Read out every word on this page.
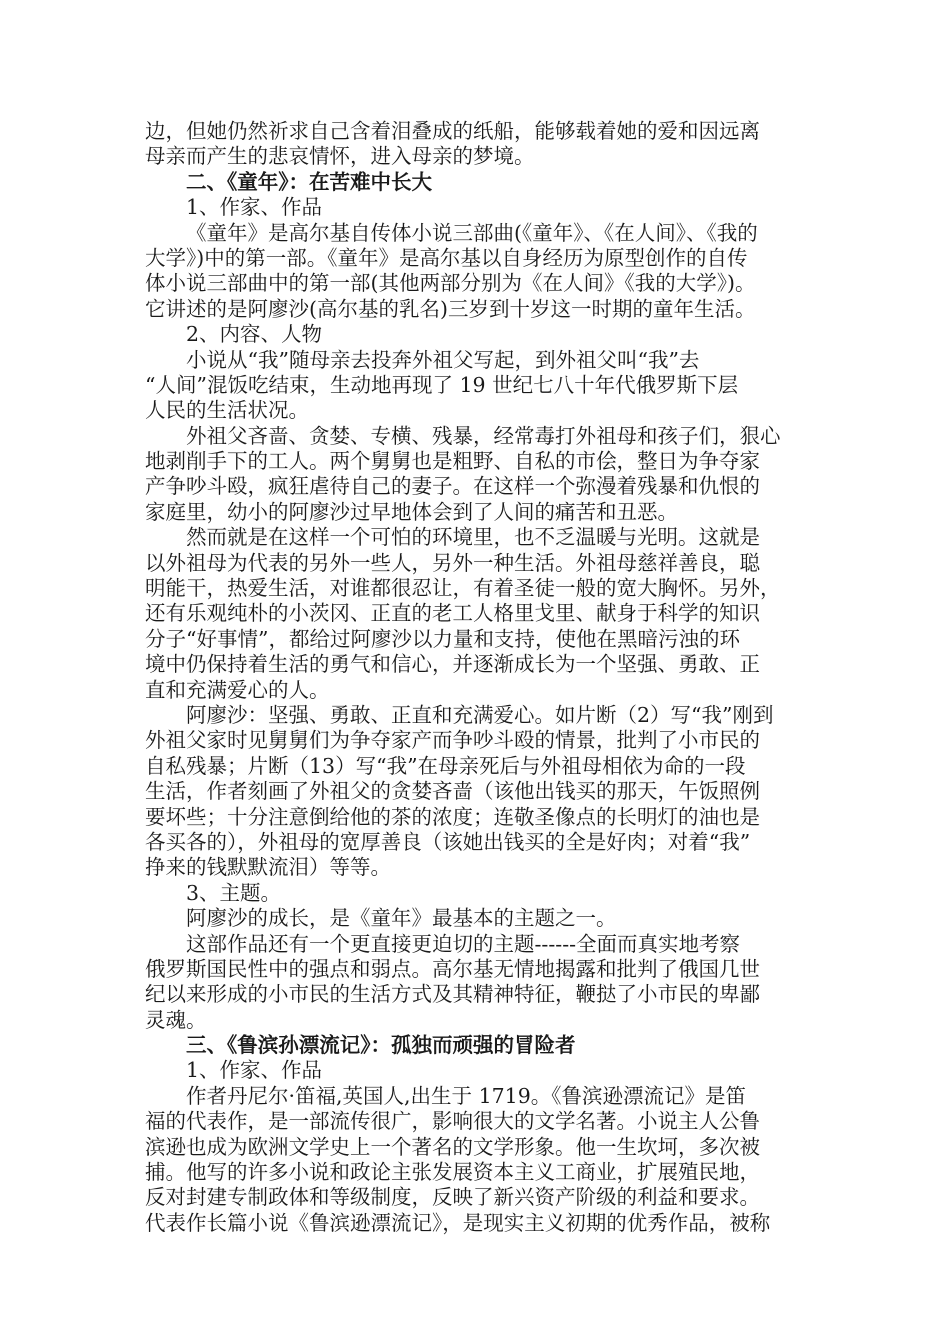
边，但她仍然祈求自己含着泪叠成的纸船，能够载着她的爱和因远离
母亲而产生的悲哀情怀，进入母亲的梦境。
二、《童年》：在苦难中长大
1、作家、作品
《童年》是高尔基自传体小说三部曲(《童年》、《在人间》、《我的
大学》)中的第一部。《童年》是高尔基以自身经历为原型创作的自传
体小说三部曲中的第一部(其他两部分别为《在人间》《我的大学》)。
它讲述的是阿廖沙(高尔基的乳名)三岁到十岁这一时期的童年生活。
2、内容、人物
小说从“我”随母亲去投奔外祖父写起，到外祖父叫“我”去
“人间”混饭吃结束，生动地再现了 19 世纪七八十年代俄罗斯下层
人民的生活状况。
外祖父吝啬、贪婪、专横、残暴，经常毒打外祖母和孩子们，狠心
地剥削手下的工人。两个舅舅也是粗野、自私的市侩，整日为争夺家
产争吵斗殴，疯狂虐待自己的妻子。在这样一个弥漫着残暴和仇恨的
家庭里，幼小的阿廖沙过早地体会到了人间的痛苦和丑恶。
然而就是在这样一个可怕的环境里，也不乏温暖与光明。这就是
以外祖母为代表的另外一些人，另外一种生活。外祖母慈祥善良，聪
明能干，热爱生活，对谁都很忍让，有着圣徒一般的宽大胸怀。另外，
还有乐观纯朴的小茨冈、正直的老工人格里戈里、献身于科学的知识
分子“好事情”，都给过阿廖沙以力量和支持，使他在黑暗污浊的环
境中仍保持着生活的勇气和信心，并逐渐成长为一个坚强、勇敢、正
直和充满爱心的人。
阿廖沙：坚强、勇敢、正直和充满爱心。如片断（2）写“我”刚到
外祖父家时见舅舅们为争夺家产而争吵斗殴的情景，批判了小市民的
自私残暴；片断（13）写“我”在母亲死后与外祖母相依为命的一段
生活，作者刻画了外祖父的贪婪吝啬（该他出钱买的那天，午饭照例
要坏些；十分注意倒给他的茶的浓度；连敬圣像点的长明灯的油也是
各买各的），外祖母的宽厚善良（该她出钱买的全是好肉；对着“我”
挣来的钱默默流泪）等等。
3、主题。
阿廖沙的成长，是《童年》最基本的主题之一。
这部作品还有一个更直接更迫切的主题------全面而真实地考察
俄罗斯国民性中的强点和弱点。高尔基无情地揭露和批判了俄国几世
纪以来形成的小市民的生活方式及其精神特征，鞭挞了小市民的卑鄙
灵魂。
三、《鲁滨孙漂流记》：孤独而顽强的冒险者
1、作家、作品
作者丹尼尔·笛福,英国人,出生于 1719。《鲁滨逊漂流记》是笛
福的代表作，是一部流传很广，影响很大的文学名著。小说主人公鲁
滨逊也成为欧洲文学史上一个著名的文学形象。他一生坎坷，多次被
捕。他写的许多小说和政论主张发展资本主义工商业，扩展殖民地，
反对封建专制政体和等级制度，反映了新兴资产阶级的利益和要求。
代表作长篇小说《鲁滨逊漂流记》，是现实主义初期的优秀作品，被称
